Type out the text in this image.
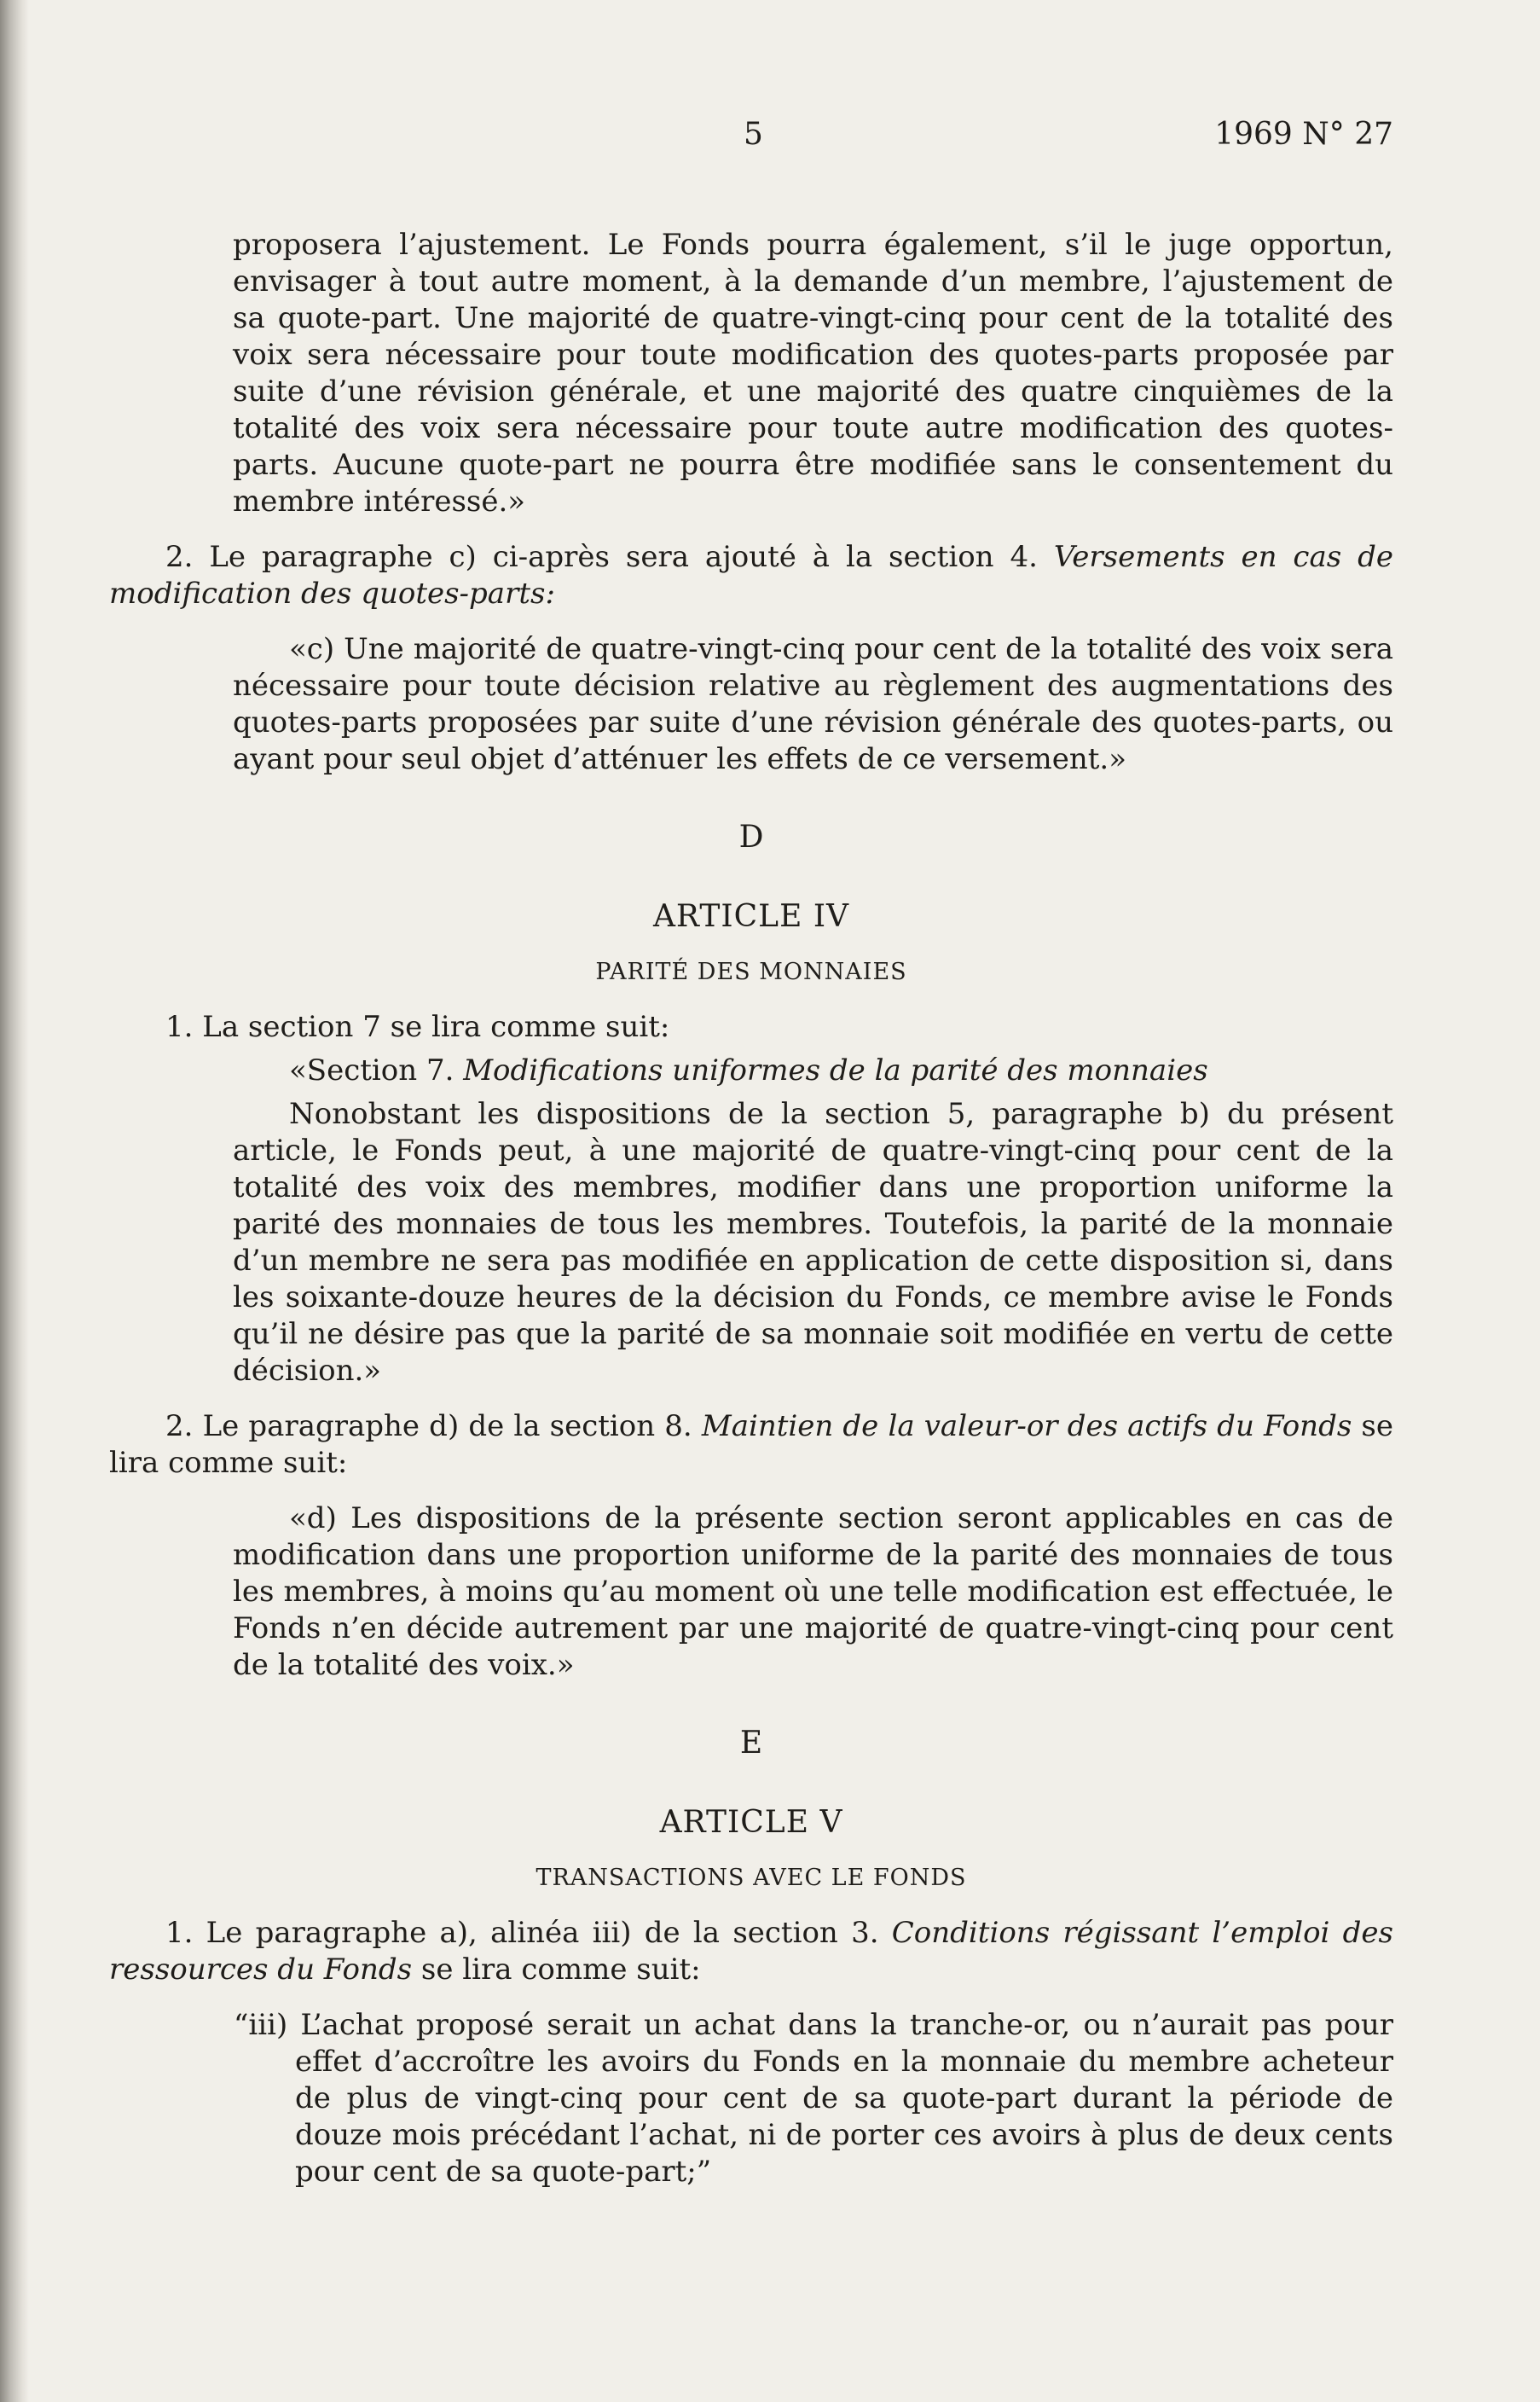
5	1969 N° 27

proposera l’ajustement. Le Fonds pourra également, s’il le juge opportun, envisager à tout autre moment, à la demande d’un membre, l’ajustement de sa quote-part. Une majorité de quatre-vingt-cinq pour cent de la totalité des voix sera nécessaire pour toute modification des quotes-parts proposée par suite d’une révision générale, et une majorité des quatre cinquièmes de la totalité des voix sera nécessaire pour toute autre modification des quotes-parts. Aucune quote-part ne pourra être modifiée sans le consentement du membre intéressé.»

2. Le paragraphe c) ci-après sera ajouté à la section 4. Versements en cas de modification des quotes-parts:

«c) Une majorité de quatre-vingt-cinq pour cent de la totalité des voix sera nécessaire pour toute décision relative au règlement des augmentations des quotes-parts proposées par suite d’une révision générale des quotes-parts, ou ayant pour seul objet d’atténuer les effets de ce versement.»

D
ARTICLE IV
PARITÉ DES MONNAIES

1. La section 7 se lira comme suit:

«Section 7. Modifications uniformes de la parité des monnaies

Nonobstant les dispositions de la section 5, paragraphe b) du présent article, le Fonds peut, à une majorité de quatre-vingt-cinq pour cent de la totalité des voix des membres, modifier dans une proportion uniforme la parité des monnaies de tous les membres. Toutefois, la parité de la monnaie d’un membre ne sera pas modifiée en application de cette disposition si, dans les soixante-douze heures de la décision du Fonds, ce membre avise le Fonds qu’il ne désire pas que la parité de sa monnaie soit modifiée en vertu de cette décision.»

2. Le paragraphe d) de la section 8. Maintien de la valeur-or des actifs du Fonds se lira comme suit:

«d) Les dispositions de la présente section seront applicables en cas de modification dans une proportion uniforme de la parité des monnaies de tous les membres, à moins qu’au moment où une telle modification est effectuée, le Fonds n’en décide autrement par une majorité de quatre-vingt-cinq pour cent de la totalité des voix.»

E
ARTICLE V
TRANSACTIONS AVEC LE FONDS

1. Le paragraphe a), alinéa iii) de la section 3. Conditions régissant l’emploi des ressources du Fonds se lira comme suit:

“iii) L’achat proposé serait un achat dans la tranche-or, ou n’aurait pas pour effet d’accroître les avoirs du Fonds en la monnaie du membre acheteur de plus de vingt-cinq pour cent de sa quote-part durant la période de douze mois précédant l’achat, ni de porter ces avoirs à plus de deux cents pour cent de sa quote-part;”
